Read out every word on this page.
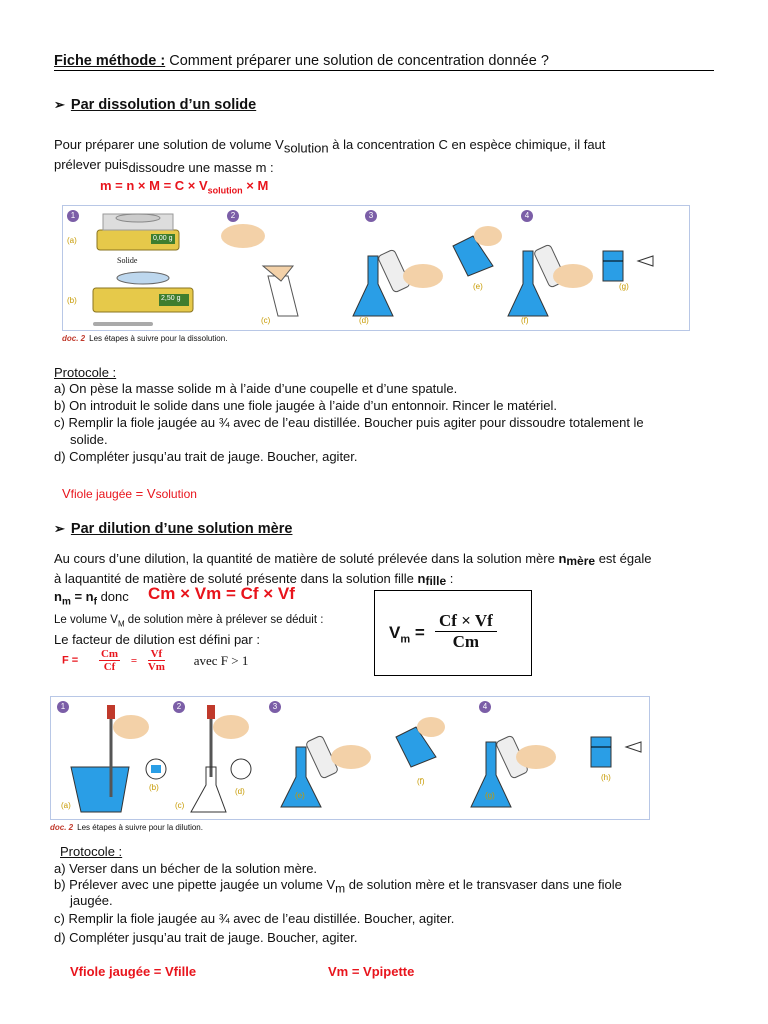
Fiche méthode : Comment préparer une solution de concentration donnée ?
➢ Par dissolution d’un solide
Pour préparer une solution de volume $V_{solution}$ à la concentration C en espèce chimique, il faut
prélever puis$_{dissoudre une masse m :}$
$m = n \times M = C \times V_{solution} \times M$
1	2	3	4
(a)
(b)
(c)	(d)
(e)
(f)
(g)
0,00 g
2,50 g
Solide
doc. 2 Les étapes à suivre pour la dissolution.
Protocole :
a) On pèse la masse solide m à l’aide d’une coupelle et d’une spatule.
b) On introduit le solide dans une fiole jaugée à l’aide d’un entonnoir. Rincer le matériel.
c) Remplir la fiole jaugée au ¾ avec de l’eau distillée. Boucher puis agiter pour dissoudre totalement le
solide.
d) Compléter jusqu’au trait de jauge. Boucher, agiter.
Vfiole jaugée = Vsolution
➢ Par dilution d’une solution mère
Au cours d’une dilution, la quantité de matière de soluté prélevée dans la solution mère $n_{mère}$ est égale
à laquantité de matière de soluté présente dans la solution fille $n_{fille}$ :
$n_m = n_f$ donc Cm × Vm = Cf × Vf
Le volume $V_M$ de solution mère à prélever se déduit :
Le facteur de dilution est défini par :
$F = \frac{Cm}{Cf} = \frac{Vf}{Vm}$ avec F > 1
$V_m = \frac{Cf \times Vf}{Cm}$
1	2	3	4
(a)
(b)
(c)
(d)	(e)
(f)
(g)
(h)
doc. 2 Les étapes à suivre pour la dilution.
Protocole :
a) Verser dans un bécher de la solution mère.
b) Prélever avec une pipette jaugée un volume $V_m$ de solution mère et le transvaser dans une fiole
jaugée.
c) Remplir la fiole jaugée au ¾ avec de l’eau distillée. Boucher, agiter.
d) Compléter jusqu’au trait de jauge. Boucher, agiter.
Vfiole jaugée = Vfille	Vm = Vpipette
